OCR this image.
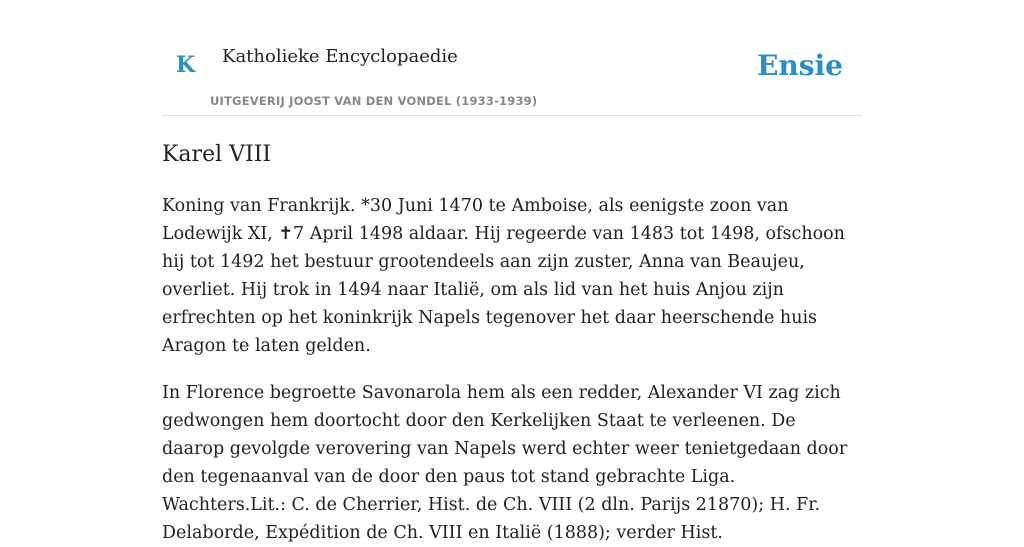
K Katholieke Encyclopaedie
UITGEVERIJ JOOST VAN DEN VONDEL (1933-1939)
Ensie
Karel VIII

Koning van Frankrijk. *30 Juni 1470 te Amboise, als eenigste zoon van Lodewijk XI, ✝7 April 1498 aldaar. Hij regeerde van 1483 tot 1498, ofschoon hij tot 1492 het bestuur grootendeels aan zijn zuster, Anna van Beaujeu, overliet. Hij trok in 1494 naar Italië, om als lid van het huis Anjou zijn erfrechten op het koninkrijk Napels tegenover het daar heerschende huis Aragon te laten gelden.

In Florence begroette Savonarola hem als een redder, Alexander VI zag zich gedwongen hem doortocht door den Kerkelijken Staat te verleenen. De daarop gevolgde verovering van Napels werd echter weer tenietgedaan door den tegenaanval van de door den paus tot stand gebrachte Liga. Wachters.Lit.: C. de Cherrier, Hist. de Ch. VIII (2 dln. Parijs 21870); H. Fr. Delaborde, Expédition de Ch. VIII en Italië (1888); verder Hist.
